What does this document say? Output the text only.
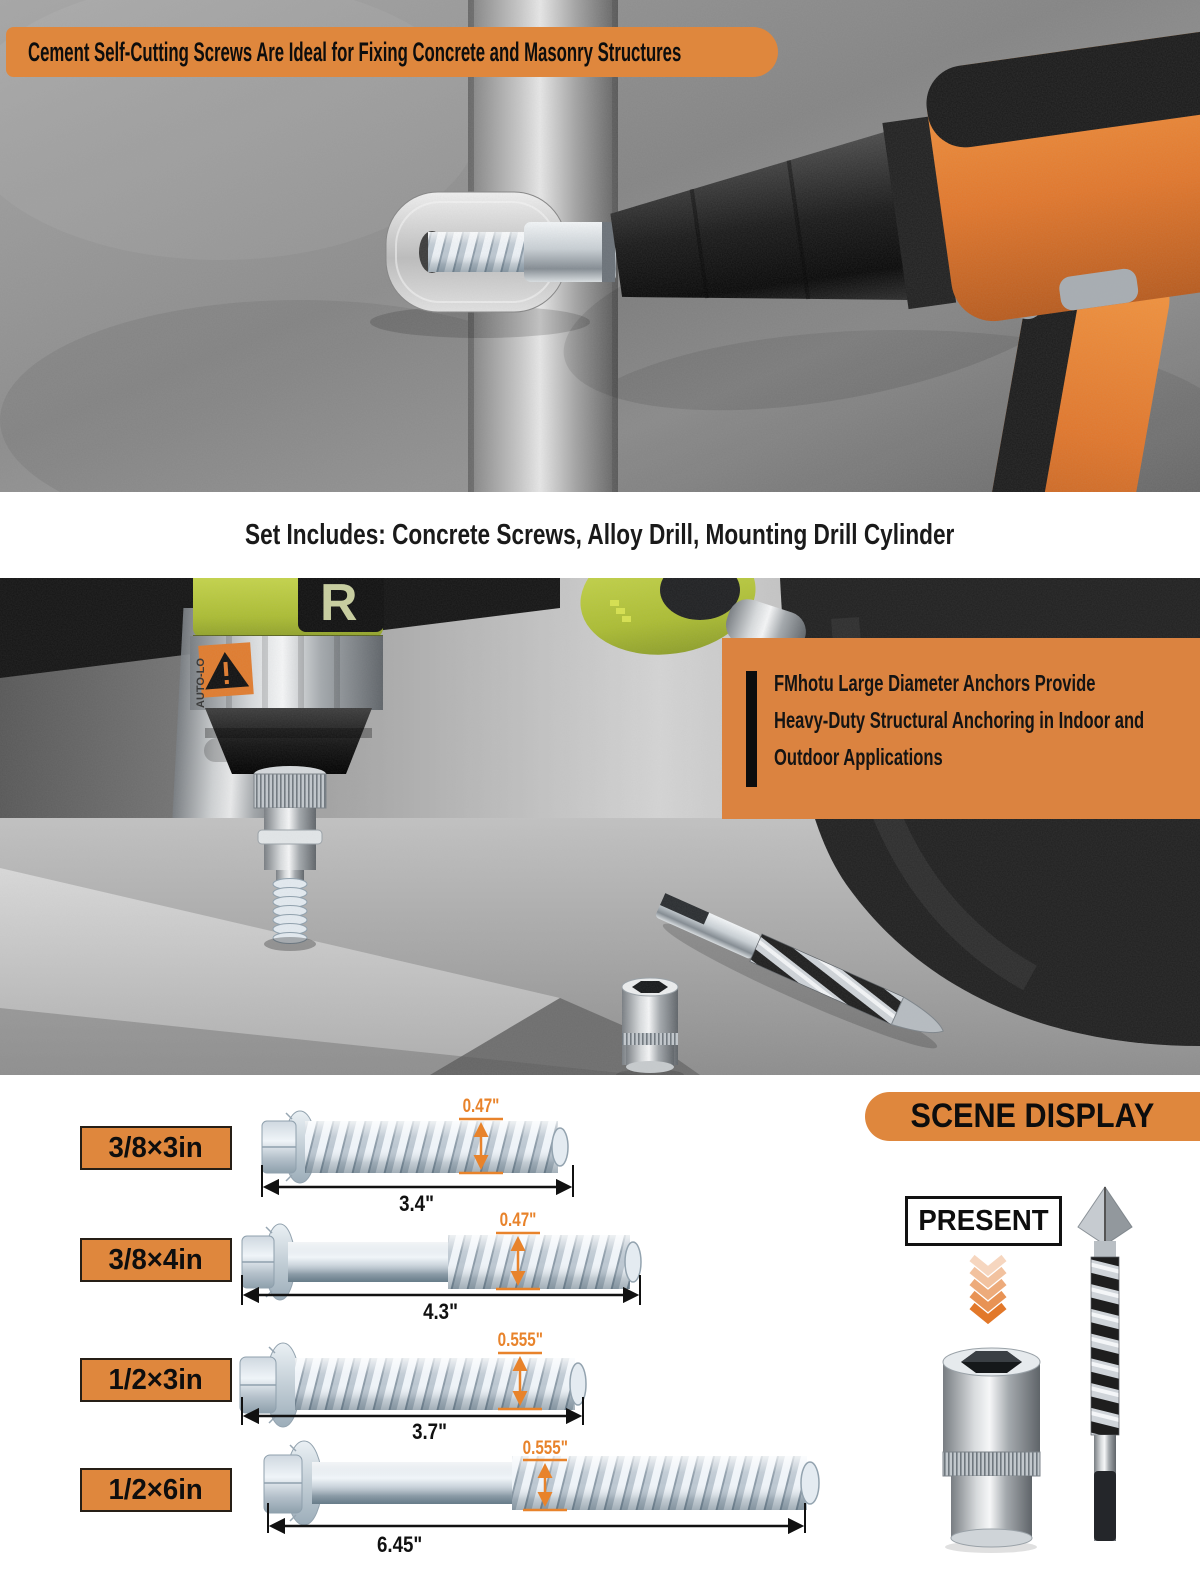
Cement Self-Cutting Screws Are Ideal for Fixing Concrete and Masonry Structures
Set Includes: Concrete Screws, Alloy Drill, Mounting Drill Cylinder
R
AUTO-LO	FMhotu Large Diameter Anchors Provide
Heavy-Duty Structural Anchoring in Indoor and
Outdoor Applications
3/8×3in
3/8×4in
1/2×3in
1/2×6in
0.47"
0.47"
0.555"
0.555"
3.4"
4.3"
3.7"
6.45"
SCENE DISPLAY
PRESENT
